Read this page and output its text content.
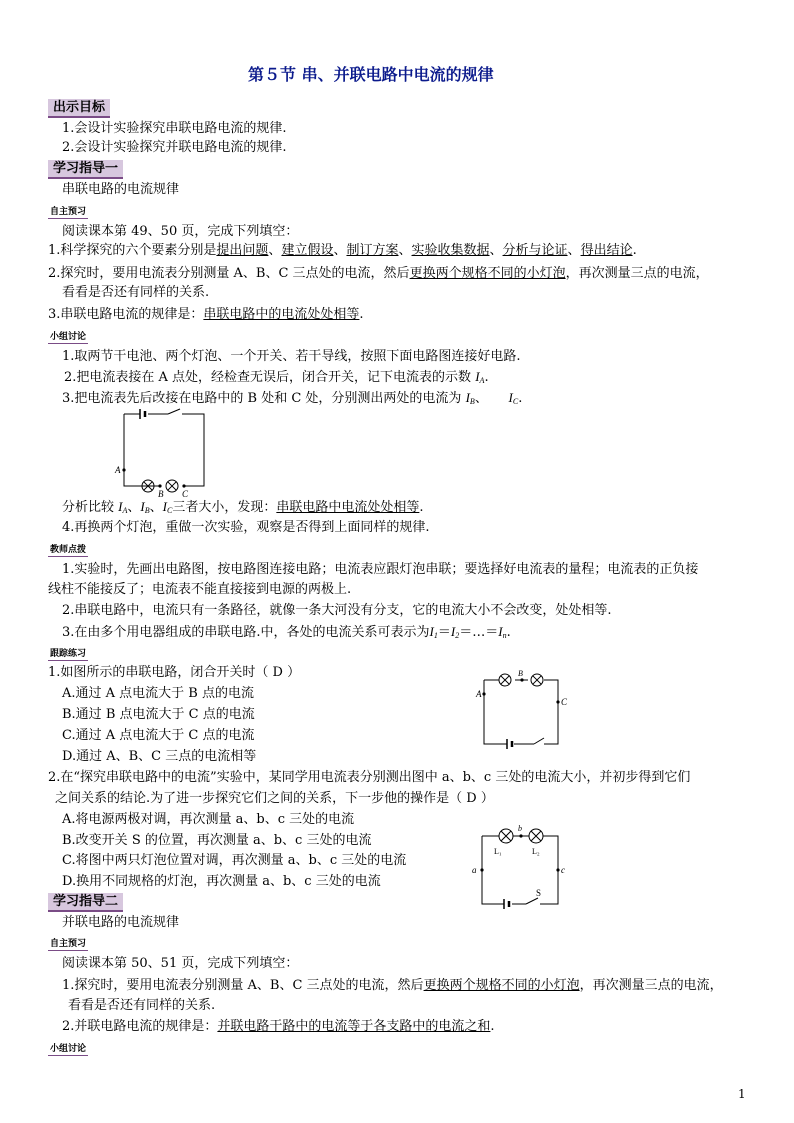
第５节 串、并联电路中电流的规律
出示目标
1.会设计实验探究串联电路电流的规律.
2.会设计实验探究并联电路电流的规律.
学习指导一
串联电路的电流规律
自主预习
阅读课本第 49、50 页，完成下列填空：
1.科学探究的六个要素分别是提出问题、建立假设、制订方案、实验收集数据、分析与论证、得出结论.
2.探究时，要用电流表分别测量 A、B、C 三点处的电流，然后更换两个规格不同的小灯泡，再次测量三点的电流，
看看是否还有同样的关系.
3.串联电路电流的规律是：串联电路中的电流处处相等.
小组讨论
1.取两节干电池、两个灯泡、一个开关、若干导线，按照下面电路图连接好电路.
2.把电流表接在 A 点处，经检查无误后，闭合开关，记下电流表的示数 $I_A$.
3.把电流表先后改接在电路中的 B 处和 C 处，分别测出两处的电流为 $I_B$、 $I_C$.
A
B C
分析比较 $I_A$、$I_B$、$I_C$三者大小，发现：串联电路中电流处处相等.
4.再换两个灯泡，重做一次实验，观察是否得到上面同样的规律.
教师点拨
1.实验时，先画出电路图，按电路图连接电路；电流表应跟灯泡串联；要选择好电流表的量程；电流表的正负接
线柱不能接反了；电流表不能直接接到电源的两极上.
2.串联电路中，电流只有一条路径，就像一条大河没有分支，它的电流大小不会改变，处处相等.
3.在由多个用电器组成的串联电路.中，各处的电流关系可表示为$I_1=I_2=\dots=I_n$.
跟踪练习
1.如图所示的串联电路，闭合开关时（ D ）
A.通过 A 点电流大于 B 点的电流
B.通过 B 点电流大于 C 点的电流
C.通过 A 点电流大于 C 点的电流
D.通过 A、B、C 三点的电流相等
A
B
C
2.在“探究串联电路中的电流”实验中，某同学用电流表分别测出图中 a、b、c 三处的电流大小，并初步得到它们
之间关系的结论.为了进一步探究它们之间的关系，下一步他的操作是（ D ）
A.将电源两极对调，再次测量 a、b、c 三处的电流
B.改变开关 S 的位置，再次测量 a、b、c 三处的电流
C.将图中两只灯泡位置对调，再次测量 a、b、c 三处的电流
D.换用不同规格的灯泡，再次测量 a、b、c 三处的电流
b
a	c
L₁	L₂
S
学习指导二
并联电路的电流规律
自主预习
阅读课本第 50、51 页，完成下列填空：
1.探究时，要用电流表分别测量 A、B、C 三点处的电流，然后更换两个规格不同的小灯泡，再次测量三点的电流，
看看是否还有同样的关系.
2.并联电路电流的规律是：并联电路干路中的电流等于各支路中的电流之和.
小组讨论
1
